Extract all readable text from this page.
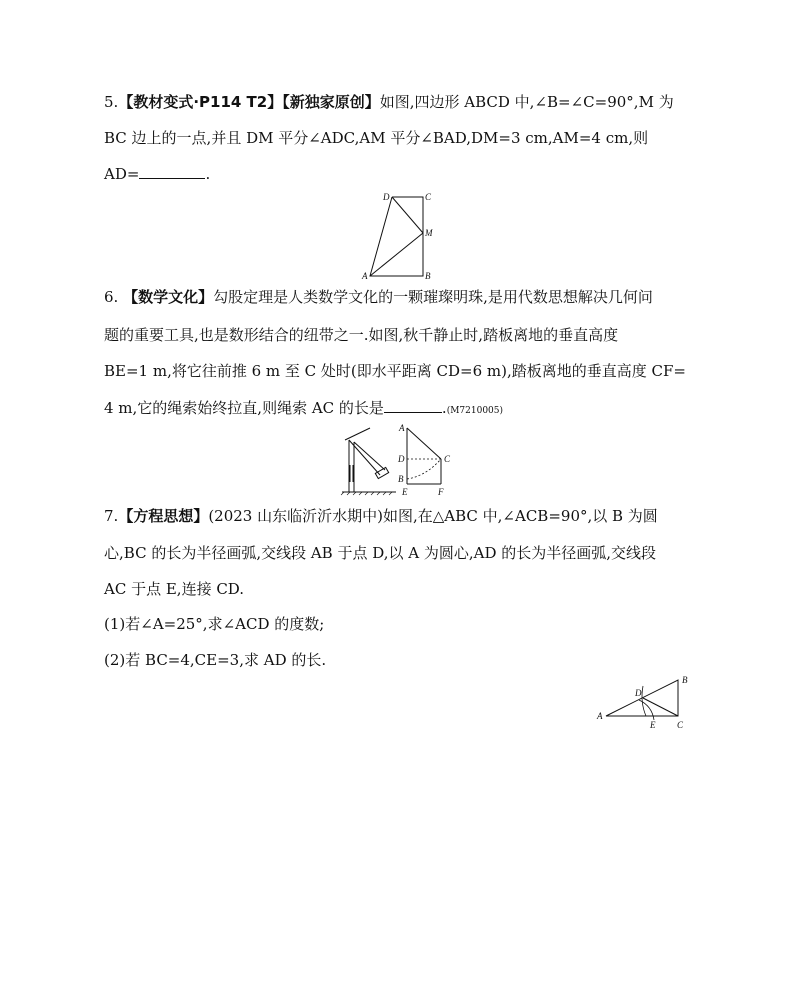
5.【教材变式·P114 T2】【新独家原创】如图,四边形 ABCD 中,∠B=∠C=90°,M 为
BC 边上的一点,并且 DM 平分∠ADC,AM 平分∠BAD,DM=3 cm,AM=4 cm,则
AD=	.
D	C
M
A	B
6. 【数学文化】勾股定理是人类数学文化的一颗璀璨明珠,是用代数思想解决几何问
题的重要工具,也是数形结合的纽带之一.如图,秋千静止时,踏板离地的垂直高度
BE=1 m,将它往前推 6 m 至 C 处时(即水平距离 CD=6 m),踏板离地的垂直高度 CF=
4 m,它的绳索始终拉直,则绳索 AC 的长是	.(M7210005)
A
D	C
B
E	F
7.【方程思想】(2023 山东临沂沂水期中)如图,在△ABC 中,∠ACB=90°,以 B 为圆
心,BC 的长为半径画弧,交线段 AB 于点 D,以 A 为圆心,AD 的长为半径画弧,交线段
AC 于点 E,连接 CD.
(1)若∠A=25°,求∠ACD 的度数;
(2)若 BC=4,CE=3,求 AD 的长.
A
B
C
D
E
